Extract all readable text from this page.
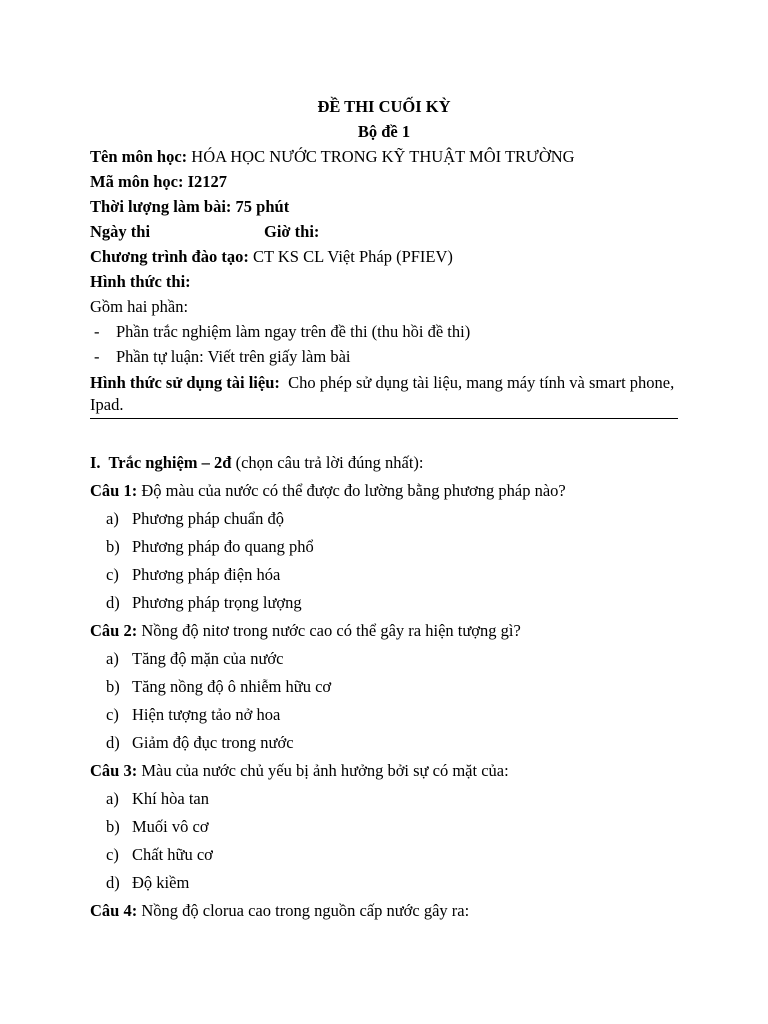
ĐỀ THI CUỐI KỲ
Bộ đề 1
Tên môn học: HÓA HỌC NƯỚC TRONG KỸ THUẬT MÔI TRƯỜNG
Mã môn học: I2127
Thời lượng làm bài: 75 phút
Ngày thi	Giờ thi:
Chương trình đào tạo: CT KS CL Việt Pháp (PFIEV)
Hình thức thi:
Gồm hai phần:
- Phần trắc nghiệm làm ngay trên đề thi (thu hồi đề thi)
- Phần tự luận: Viết trên giấy làm bài
Hình thức sử dụng tài liệu: Cho phép sử dụng tài liệu, mang máy tính và smart phone, Ipad.
I.  Trắc nghiệm – 2đ (chọn câu trả lời đúng nhất):
Câu 1: Độ màu của nước có thể được đo lường bằng phương pháp nào?
a) Phương pháp chuẩn độ
b) Phương pháp đo quang phổ
c) Phương pháp điện hóa
d) Phương pháp trọng lượng
Câu 2: Nồng độ nitơ trong nước cao có thể gây ra hiện tượng gì?
a) Tăng độ mặn của nước
b) Tăng nồng độ ô nhiễm hữu cơ
c) Hiện tượng tảo nở hoa
d) Giảm độ đục trong nước
Câu 3: Màu của nước chủ yếu bị ảnh hưởng bởi sự có mặt của:
a) Khí hòa tan
b) Muối vô cơ
c) Chất hữu cơ
d) Độ kiềm
Câu 4: Nồng độ clorua cao trong nguồn cấp nước gây ra:
